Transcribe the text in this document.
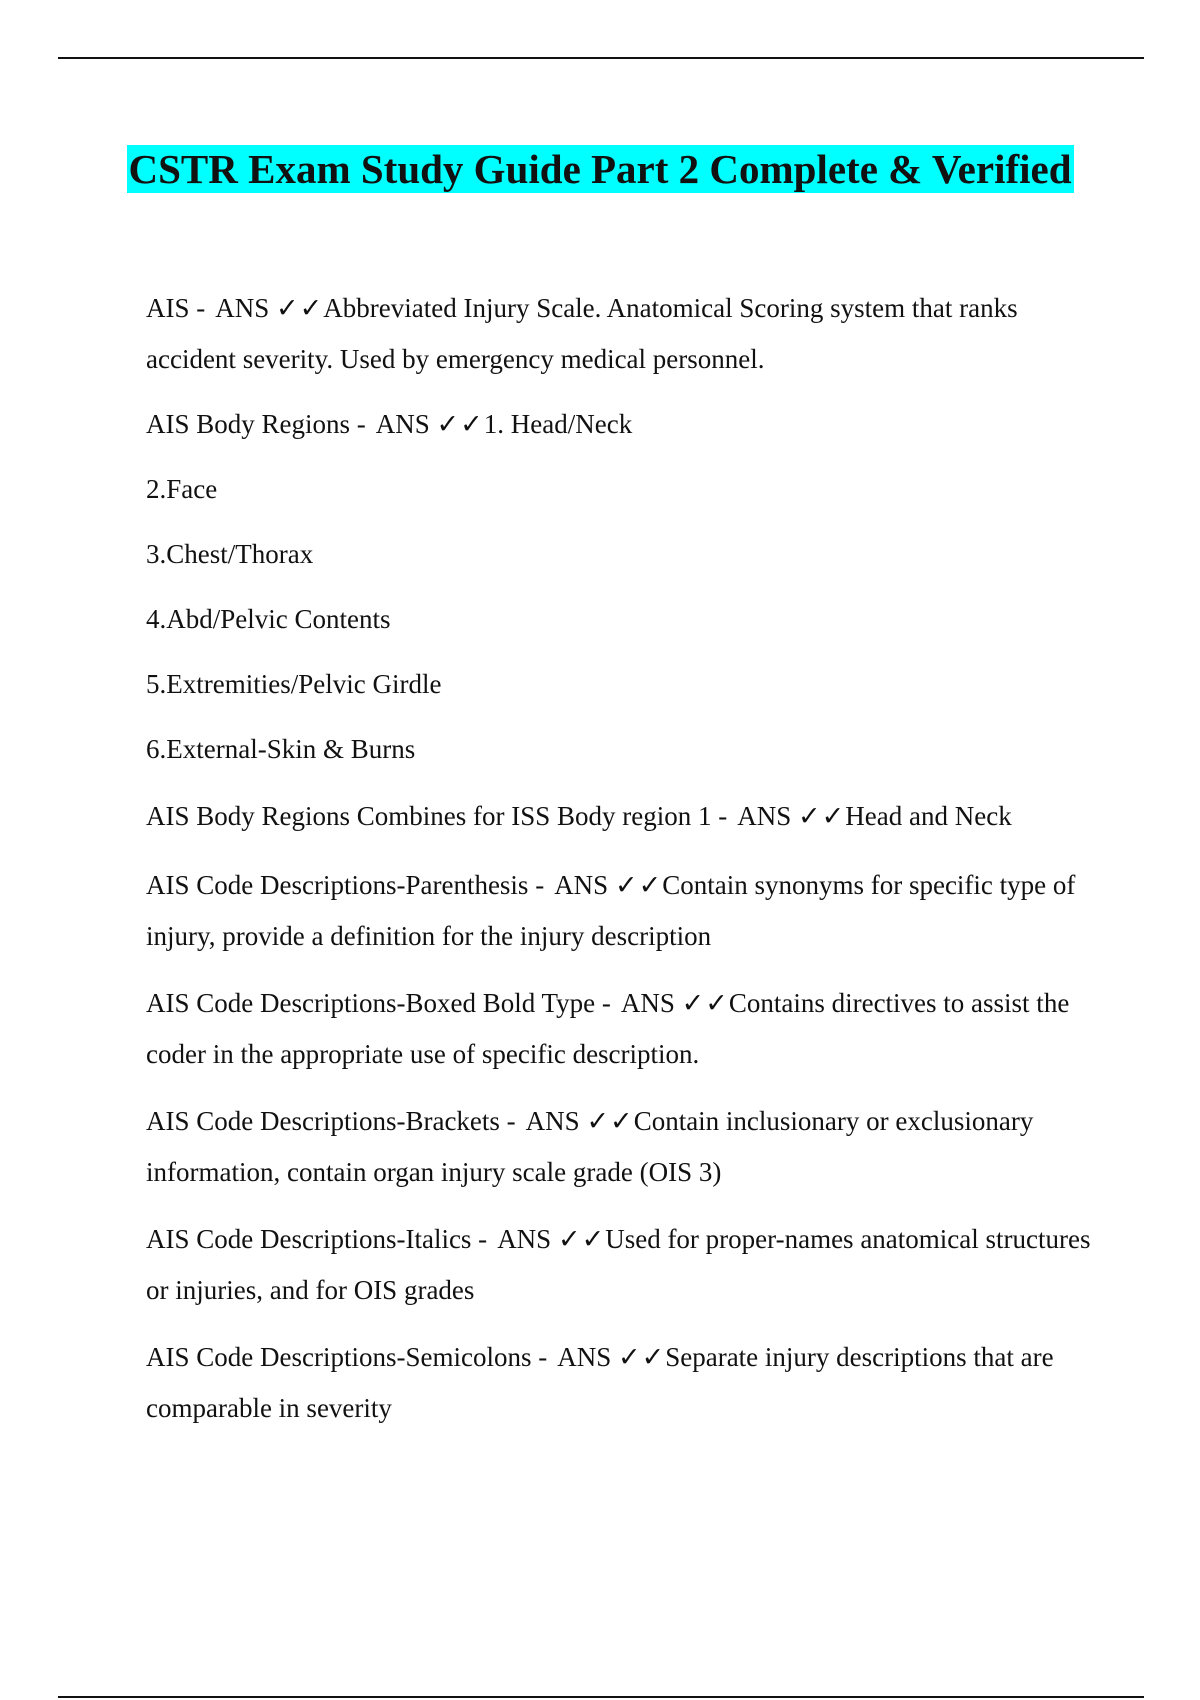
CSTR Exam Study Guide Part 2 Complete & Verified

AIS - ANS ✓✓Abbreviated Injury Scale. Anatomical Scoring system that ranks accident severity. Used by emergency medical personnel.

AIS Body Regions - ANS ✓✓1. Head/Neck

2.Face

3.Chest/Thorax

4.Abd/Pelvic Contents

5.Extremities/Pelvic Girdle

6.External-Skin & Burns

AIS Body Regions Combines for ISS Body region 1 - ANS ✓✓Head and Neck

AIS Code Descriptions-Parenthesis - ANS ✓✓Contain synonyms for specific type of injury, provide a definition for the injury description

AIS Code Descriptions-Boxed Bold Type - ANS ✓✓Contains directives to assist the coder in the appropriate use of specific description.

AIS Code Descriptions-Brackets - ANS ✓✓Contain inclusionary or exclusionary information, contain organ injury scale grade (OIS 3)

AIS Code Descriptions-Italics - ANS ✓✓Used for proper-names anatomical structures or injuries, and for OIS grades

AIS Code Descriptions-Semicolons - ANS ✓✓Separate injury descriptions that are comparable in severity
